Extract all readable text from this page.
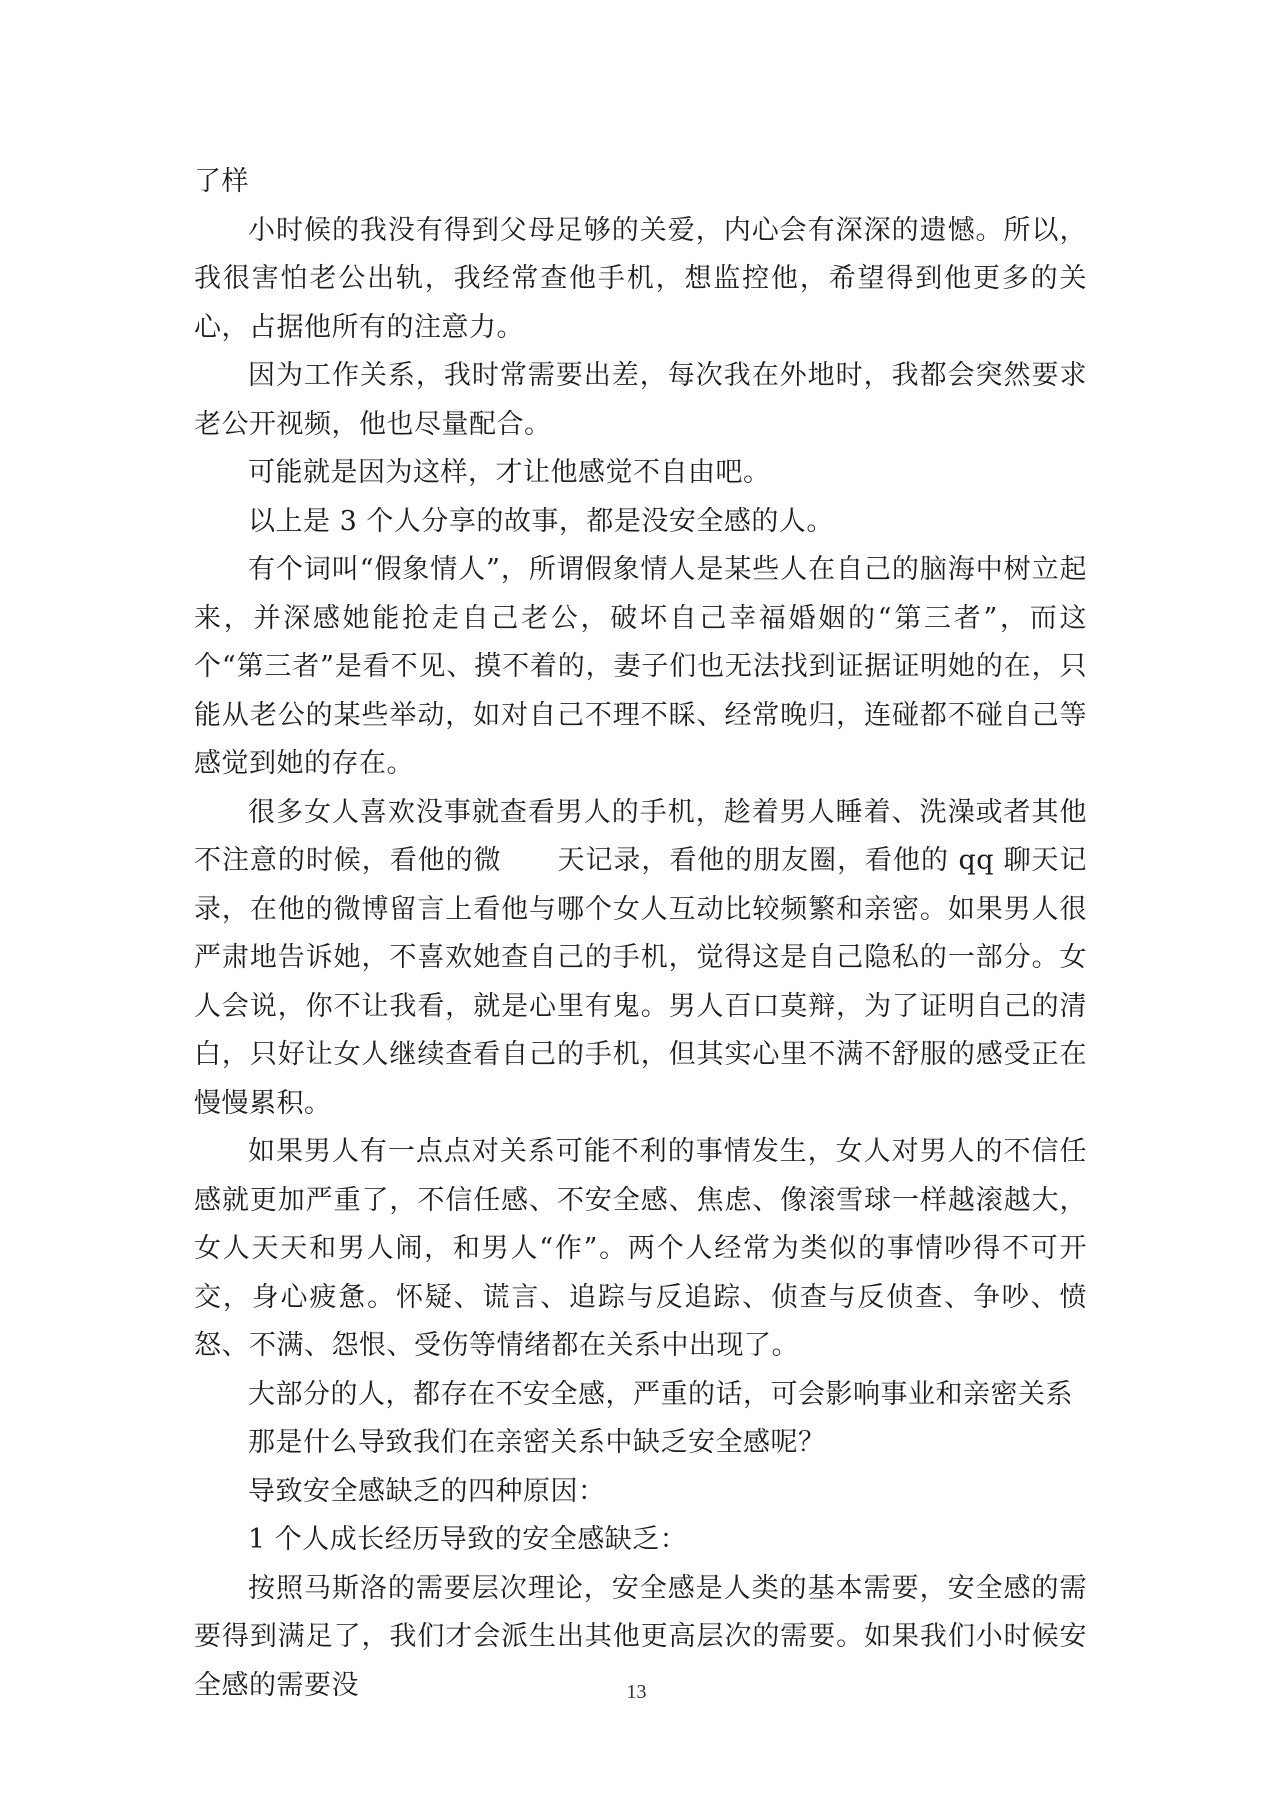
了样

小时候的我没有得到父母足够的关爱，内心会有深深的遗憾。所以，我很害怕老公出轨，我经常查他手机，想监控他，希望得到他更多的关心，占据他所有的注意力。

因为工作关系，我时常需要出差，每次我在外地时，我都会突然要求老公开视频，他也尽量配合。

可能就是因为这样，才让他感觉不自由吧。

以上是 3 个人分享的故事，都是没安全感的人。

有个词叫“假象情人”，所谓假象情人是某些人在自己的脑海中树立起来，并深感她能抢走自己老公，破坏自己幸福婚姻的“第三者”，而这个“第三者”是看不见、摸不着的，妻子们也无法找到证据证明她的在，只能从老公的某些举动，如对自己不理不睬、经常晚归，连碰都不碰自己等感觉到她的存在。

很多女人喜欢没事就查看男人的手机，趁着男人睡着、洗澡或者其他不注意的时候，看他的微　　天记录，看他的朋友圈，看他的 qq 聊天记录，在他的微博留言上看他与哪个女人互动比较频繁和亲密。如果男人很严肃地告诉她，不喜欢她查自己的手机，觉得这是自己隐私的一部分。女人会说，你不让我看，就是心里有鬼。男人百口莫辩，为了证明自己的清白，只好让女人继续查看自己的手机，但其实心里不满不舒服的感受正在慢慢累积。

如果男人有一点点对关系可能不利的事情发生，女人对男人的不信任感就更加严重了，不信任感、不安全感、焦虑、像滚雪球一样越滚越大，女人天天和男人闹，和男人“作”。两个人经常为类似的事情吵得不可开交，身心疲惫。怀疑、谎言、追踪与反追踪、侦查与反侦查、争吵、愤怒、不满、怨恨、受伤等情绪都在关系中出现了。

大部分的人，都存在不安全感，严重的话，可会影响事业和亲密关系

那是什么导致我们在亲密关系中缺乏安全感呢？

导致安全感缺乏的四种原因：

1 个人成长经历导致的安全感缺乏：

按照马斯洛的需要层次理论，安全感是人类的基本需要，安全感的需要得到满足了，我们才会派生出其他更高层次的需要。如果我们小时候安全感的需要没	13
